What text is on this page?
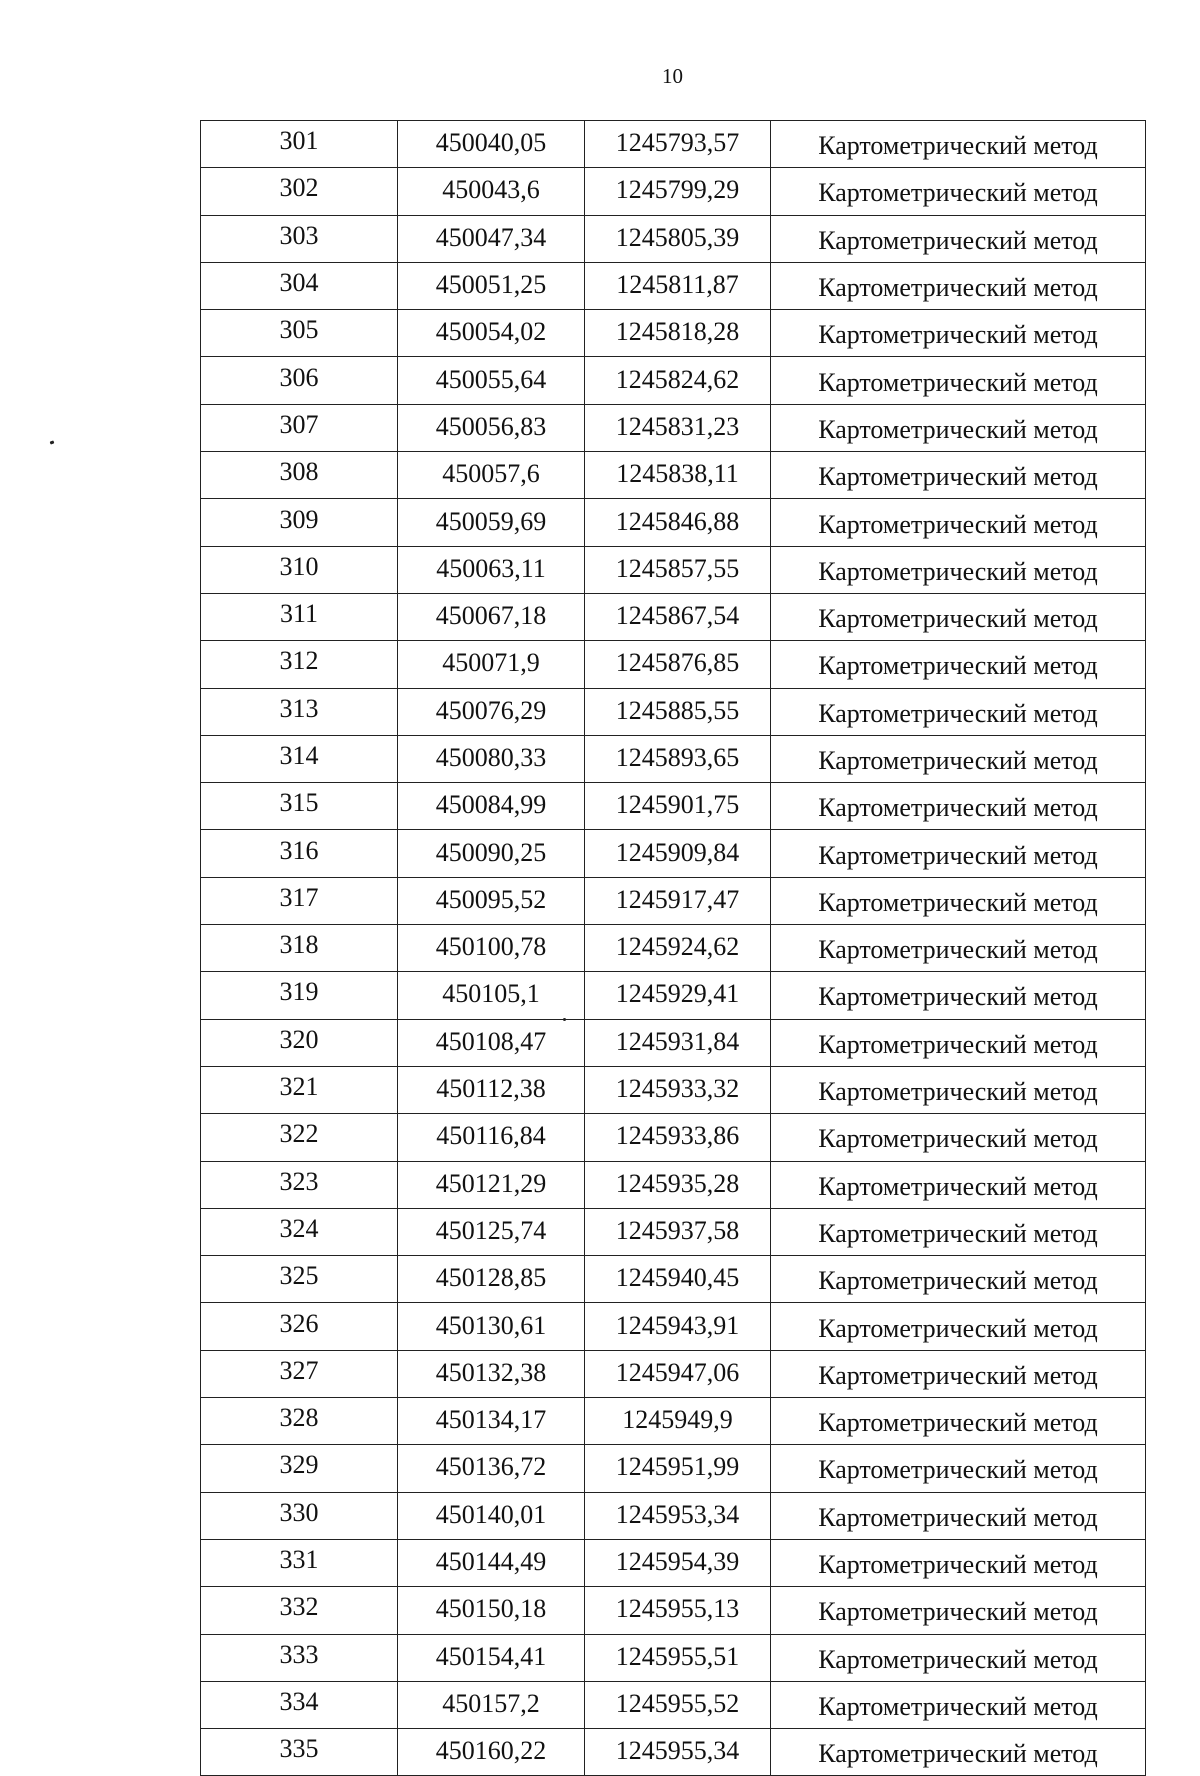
10
301	450040,05	1245793,57	Картометрический метод
302	450043,6	1245799,29	Картометрический метод
303	450047,34	1245805,39	Картометрический метод
304	450051,25	1245811,87	Картометрический метод
305	450054,02	1245818,28	Картометрический метод
306	450055,64	1245824,62	Картометрический метод
307	450056,83	1245831,23	Картометрический метод
308	450057,6	1245838,11	Картометрический метод
309	450059,69	1245846,88	Картометрический метод
310	450063,11	1245857,55	Картометрический метод
311	450067,18	1245867,54	Картометрический метод
312	450071,9	1245876,85	Картометрический метод
313	450076,29	1245885,55	Картометрический метод
314	450080,33	1245893,65	Картометрический метод
315	450084,99	1245901,75	Картометрический метод
316	450090,25	1245909,84	Картометрический метод
317	450095,52	1245917,47	Картометрический метод
318	450100,78	1245924,62	Картометрический метод
319	450105,1	1245929,41	Картометрический метод
320	450108,47	1245931,84	Картометрический метод
321	450112,38	1245933,32	Картометрический метод
322	450116,84	1245933,86	Картометрический метод
323	450121,29	1245935,28	Картометрический метод
324	450125,74	1245937,58	Картометрический метод
325	450128,85	1245940,45	Картометрический метод
326	450130,61	1245943,91	Картометрический метод
327	450132,38	1245947,06	Картометрический метод
328	450134,17	1245949,9	Картометрический метод
329	450136,72	1245951,99	Картометрический метод
330	450140,01	1245953,34	Картометрический метод
331	450144,49	1245954,39	Картометрический метод
332	450150,18	1245955,13	Картометрический метод
333	450154,41	1245955,51	Картометрический метод
334	450157,2	1245955,52	Картометрический метод
335	450160,22	1245955,34	Картометрический метод
